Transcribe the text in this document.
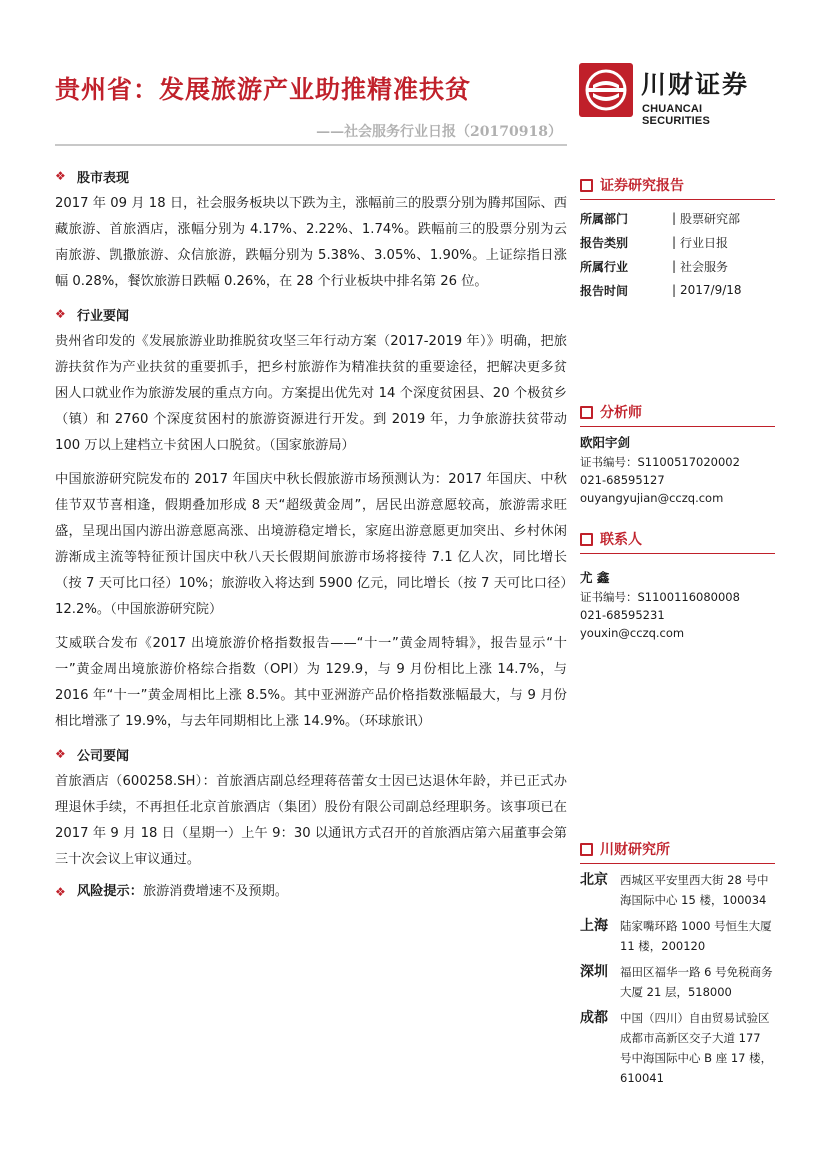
贵州省：发展旅游产业助推精准扶贫
——社会服务行业日报（20170918）
川财证券
CHUANCAI SECURITIES
❖ 股市表现

2017 年 09 月 18 日，社会服务板块以下跌为主，涨幅前三的股票分别为腾邦国际、西藏旅游、首旅酒店，涨幅分别为 4.17%、2.22%、1.74%。跌幅前三的股票分别为云南旅游、凯撒旅游、众信旅游，跌幅分别为 5.38%、3.05%、1.90%。上证综指日涨幅 0.28%，餐饮旅游日跌幅 0.26%，在 28 个行业板块中排名第 26 位。

❖ 行业要闻

贵州省印发的《发展旅游业助推脱贫攻坚三年行动方案（2017-2019 年）》明确，把旅游扶贫作为产业扶贫的重要抓手，把乡村旅游作为精准扶贫的重要途径，把解决更多贫困人口就业作为旅游发展的重点方向。方案提出优先对 14 个深度贫困县、20 个极贫乡（镇）和 2760 个深度贫困村的旅游资源进行开发。到 2019 年，力争旅游扶贫带动 100 万以上建档立卡贫困人口脱贫。（国家旅游局）

中国旅游研究院发布的 2017 年国庆中秋长假旅游市场预测认为：2017 年国庆、中秋佳节双节喜相逢，假期叠加形成 8 天“超级黄金周”，居民出游意愿较高，旅游需求旺盛，呈现出国内游出游意愿高涨、出境游稳定增长，家庭出游意愿更加突出、乡村休闲游渐成主流等特征预计国庆中秋八天长假期间旅游市场将接待 7.1 亿人次，同比增长（按 7 天可比口径）10%；旅游收入将达到 5900 亿元，同比增长（按 7 天可比口径）12.2%。（中国旅游研究院）

艾威联合发布《2017 出境旅游价格指数报告——“十一”黄金周特辑》，报告显示“十一”黄金周出境旅游价格综合指数（OPI）为 129.9，与 9 月份相比上涨 14.7%，与 2016 年“十一”黄金周相比上涨 8.5%。其中亚洲游产品价格指数涨幅最大，与 9 月份相比增涨了 19.9%，与去年同期相比上涨 14.9%。（环球旅讯）

❖ 公司要闻

首旅酒店（600258.SH）：首旅酒店副总经理蒋蓓蕾女士因已达退休年龄，并已正式办理退休手续，不再担任北京首旅酒店（集团）股份有限公司副总经理职务。该事项已在 2017 年 9 月 18 日（星期一）上午 9：30 以通讯方式召开的首旅酒店第六届董事会第三十次会议上审议通过。

❖ 风险提示： 旅游消费增速不及预期。
证券研究报告
所属部门	| 股票研究部
报告类别	| 行业日报
所属行业	| 社会服务
报告时间	| 2017/9/18
分析师
欧阳宇剑
证书编号：S1100517020002
021-68595127
ouyangyujian@cczq.com
联系人
尤 鑫
证书编号：S1100116080008
021-68595231
youxin@cczq.com
川财研究所
北京	西城区平安里西大街 28 号中海国际中心 15 楼，100034
上海	陆家嘴环路 1000 号恒生大厦 11 楼，200120
深圳	福田区福华一路 6 号免税商务大厦 21 层，518000
成都	中国（四川）自由贸易试验区成都市高新区交子大道 177 号中海国际中心 B 座 17 楼，610041
